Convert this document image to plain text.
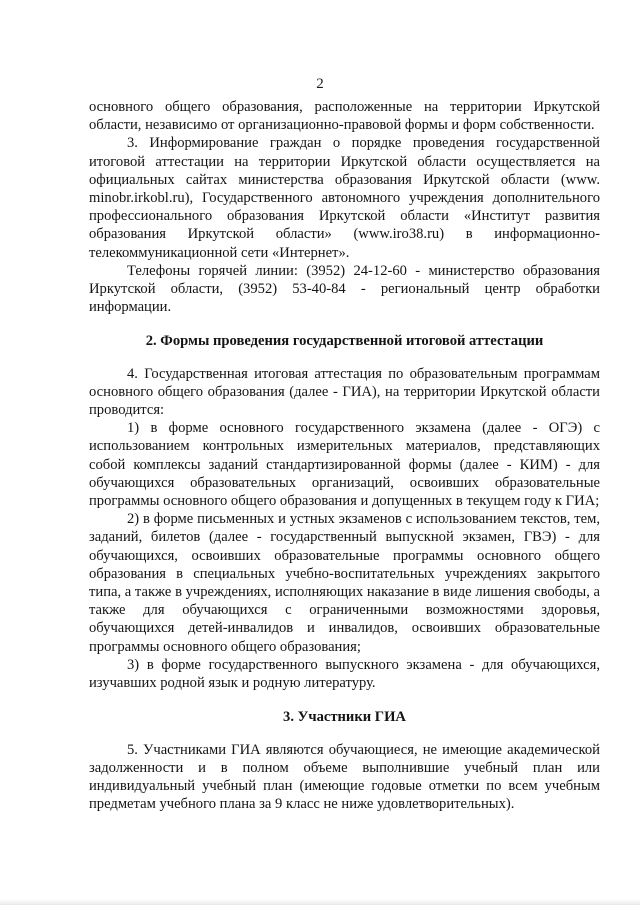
2

основного общего образования, расположенные на территории Иркутской области, независимо от организационно-правовой формы и форм собственности.

3. Информирование граждан о порядке проведения государственной итоговой аттестации на территории Иркутской области осуществляется на официальных сайтах министерства образования Иркутской области (www. minobr.irkobl.ru), Государственного автономного учреждения дополнительного профессионального образования Иркутской области «Институт развития образования Иркутской области» (www.iro38.ru) в информационно-телекоммуникационной сети «Интернет».

Телефоны горячей линии: (3952) 24-12-60 - министерство образования Иркутской области, (3952) 53-40-84 - региональный центр обработки информации.

2. Формы проведения государственной итоговой аттестации

4. Государственная итоговая аттестация по образовательным программам основного общего образования (далее - ГИА), на территории Иркутской области проводится:

1) в форме основного государственного экзамена (далее - ОГЭ) с использованием контрольных измерительных материалов, представляющих собой комплексы заданий стандартизированной формы (далее - КИМ) - для обучающихся образовательных организаций, освоивших образовательные программы основного общего образования и допущенных в текущем году к ГИА;

2) в форме письменных и устных экзаменов с использованием текстов, тем, заданий, билетов (далее - государственный выпускной экзамен, ГВЭ) - для обучающихся, освоивших образовательные программы основного общего образования в специальных учебно-воспитательных учреждениях закрытого типа, а также в учреждениях, исполняющих наказание в виде лишения свободы, а также для обучающихся с ограниченными возможностями здоровья, обучающихся детей-инвалидов и инвалидов, освоивших образовательные программы основного общего образования;

3) в форме государственного выпускного экзамена - для обучающихся, изучавших родной язык и родную литературу.

3. Участники ГИА

5. Участниками ГИА являются обучающиеся, не имеющие академической задолженности и в полном объеме выполнившие учебный план или индивидуальный учебный план (имеющие годовые отметки по всем учебным предметам учебного плана за 9 класс не ниже удовлетворительных).
